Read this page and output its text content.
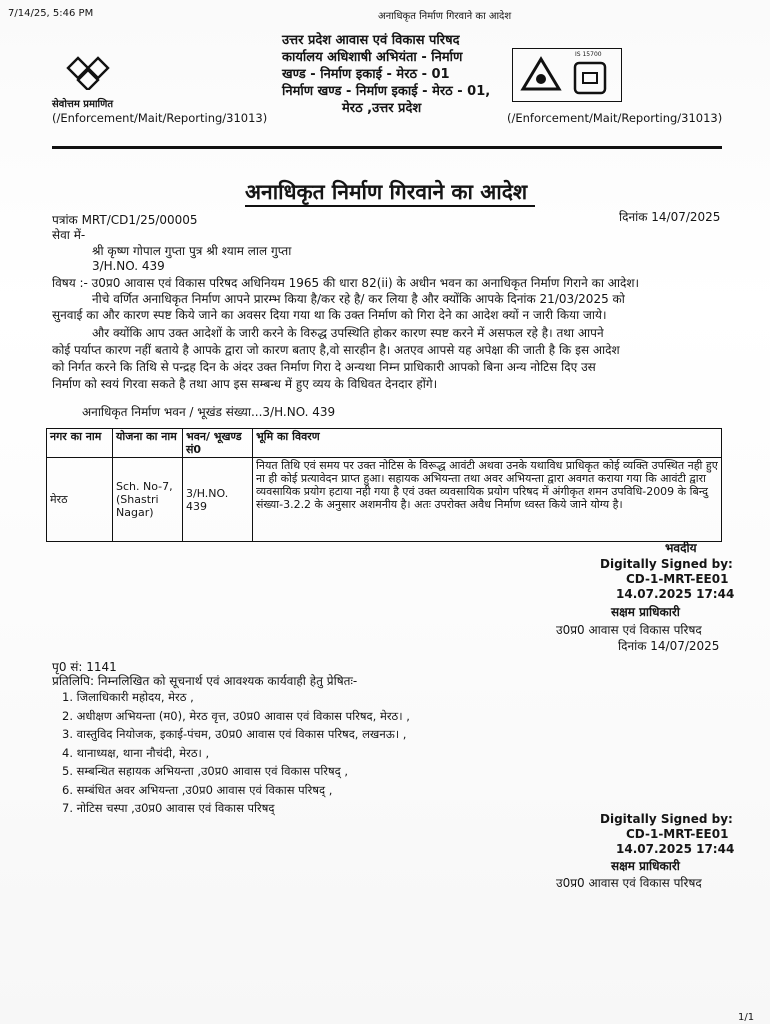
7/14/25, 5:46 PM	अनाधिकृत निर्माण गिरवाने का आदेश
सेवोत्तम प्रमाणित
उत्तर प्रदेश आवास एवं विकास परिषद
कार्यालय अधिशाषी अभियंता - निर्माण
खण्ड - निर्माण इकाई - मेरठ - 01
निर्माण खण्ड - निर्माण इकाई - मेरठ - 01,
मेरठ ,उत्तर प्रदेश
(/Enforcement/Mait/Reporting/31013)	(/Enforcement/Mait/Reporting/31013)
IS 15700
अनाधिकृत निर्माण गिरवाने का आदेश
पत्रांक MRT/CD1/25/00005	दिनांक 14/07/2025
सेवा में-
श्री कृष्ण गोपाल गुप्ता पुत्र श्री श्याम लाल गुप्ता
3/H.NO. 439
विषय :- उ0प्र0 आवास एवं विकास परिषद अधिनियम 1965 की धारा 82(ii) के अधीन भवन का अनाधिकृत निर्माण गिराने का आदेश।
नीचे वर्णित अनाधिकृत निर्माण आपने प्रारम्भ किया है/कर रहे है/ कर लिया है और क्योंकि आपके दिनांक 21/03/2025 को
सुनवाई का और कारण स्पष्ट किये जाने का अवसर दिया गया था कि उक्त निर्माण को गिरा देने का आदेश क्यों न जारी किया जाये।
और क्योंकि आप उक्त आदेशों के जारी करने के विरुद्ध उपस्थिति होकर कारण स्पष्ट करने में असफल रहे है। तथा आपने
कोई पर्याप्त कारण नहीं बताये है आपके द्वारा जो कारण बताए है,वो सारहीन है। अतएव आपसे यह अपेक्षा की जाती है कि इस आदेश
को निर्गत करने कि तिथि से पन्द्रह दिन के अंदर उक्त निर्माण गिरा दे अन्यथा निम्न प्राधिकारी आपको बिना अन्य नोटिस दिए उस
निर्माण को स्वयं गिरवा सकते है तथा आप इस सम्बन्ध में हुए व्यय के विधिवत देनदार होंगे।
अनाधिकृत निर्माण भवन / भूखंड संख्या...3/H.NO. 439
नगर का नाम	योजना का नाम	भवन/ भूखण्ड सं0	भूमि का विवरण
मेरठ	Sch. No-7, (Shastri Nagar)	3/H.NO. 439	नियत तिथि एवं समय पर उक्त नोटिस के विरूद्ध आवंटी अथवा उनके यथाविध प्राधिकृत कोई व्यक्ति उपस्थित नही हुए ना ही कोई प्रत्यावेदन प्राप्त हुआ। सहायक अभियन्ता तथा अवर अभियन्ता द्वारा अवगत कराया गया कि आवंटी द्वारा व्यवसायिक प्रयोग हटाया नही गया है एवं उक्त व्यवसायिक प्रयोग परिषद में अंगीकृत शमन उपविधि-2009 के बिन्दु संख्या-3.2.2 के अनुसार अशमनीय है। अतः उपरोक्त अवैध निर्माण ध्वस्त किये जाने योग्य है।
भवदीय
Digitally Signed by:
CD-1-MRT-EE01
14.07.2025 17:44
सक्षम प्राधिकारी
उ0प्र0 आवास एवं विकास परिषद
दिनांक 14/07/2025
पृ0 सं: 1141
प्रतिलिपि: निम्नलिखित को सूचनार्थ एवं आवश्यक कार्यवाही हेतु प्रेषितः-
1. जिलाधिकारी महोदय, मेरठ ,
2. अधीक्षण अभियन्ता (म0), मेरठ वृत्त, उ0प्र0 आवास एवं विकास परिषद, मेरठ। ,
3. वास्तुविद नियोजक, इकाई-पंचम, उ0प्र0 आवास एवं विकास परिषद, लखनऊ। ,
4. थानाध्यक्ष, थाना नौचंदी, मेरठ। ,
5. सम्बन्धित सहायक अभियन्ता ,उ0प्र0 आवास एवं विकास परिषद् ,
6. सम्बंधित अवर अभियन्ता ,उ0प्र0 आवास एवं विकास परिषद् ,
7. नोटिस चस्पा ,उ0प्र0 आवास एवं विकास परिषद्
Digitally Signed by:
CD-1-MRT-EE01
14.07.2025 17:44
सक्षम प्राधिकारी
उ0प्र0 आवास एवं विकास परिषद
1/1
